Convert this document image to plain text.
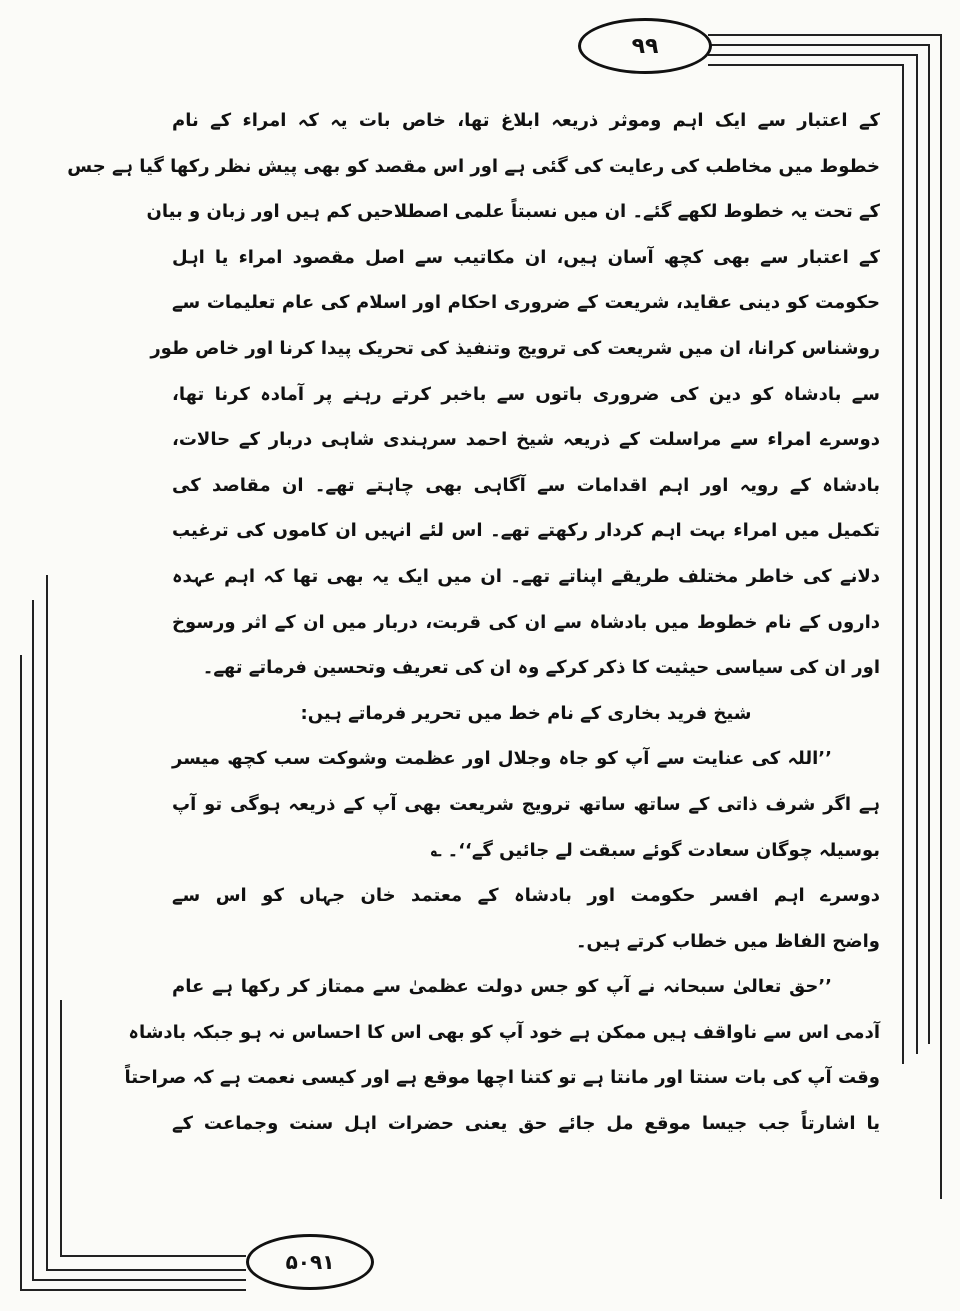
۹۹
۵۰۹۱
کے اعتبار سے ایک اہم وموثر ذریعہ ابلاغ تھا، خاص بات یہ کہ امراء کے نام
خطوط میں مخاطب کی رعایت کی گئی ہے اور اس مقصد کو بھی پیش نظر رکھا گیا ہے جس
کے تحت یہ خطوط لکھے گئے۔ ان میں نسبتاً علمی اصطلاحیں کم ہیں اور زبان و بیان
کے اعتبار سے بھی کچھ آسان ہیں، ان مکاتیب سے اصل مقصود امراء یا اہل
حکومت کو دینی عقاید، شریعت کے ضروری احکام اور اسلام کی عام تعلیمات سے
روشناس کرانا، ان میں شریعت کی ترویج وتنفیذ کی تحریک پیدا کرنا اور خاص طور
سے بادشاہ کو دین کی ضروری باتوں سے باخبر کرتے رہنے پر آمادہ کرنا تھا،
دوسرے امراء سے مراسلت کے ذریعہ شیخ احمد سرہندی شاہی دربار کے حالات،
بادشاہ کے رویہ اور اہم اقدامات سے آگاہی بھی چاہتے تھے۔ ان مقاصد کی
تکمیل میں امراء بہت اہم کردار رکھتے تھے۔ اس لئے انہیں ان کاموں کی ترغیب
دلانے کی خاطر مختلف طریقے اپناتے تھے۔ ان میں ایک یہ بھی تھا کہ اہم عہدہ
داروں کے نام خطوط میں بادشاہ سے ان کی قربت، دربار میں ان کے اثر ورسوخ
اور ان کی سیاسی حیثیت کا ذکر کرکے وہ ان کی تعریف وتحسین فرماتے تھے۔
شیخ فرید بخاری کے نام خط میں تحریر فرماتے ہیں:
’’اللہ کی عنایت سے آپ کو جاہ وجلال اور عظمت وشوکت سب کچھ میسر
ہے اگر شرف ذاتی کے ساتھ ساتھ ترویج شریعت بھی آپ کے ذریعہ ہوگی تو آپ
بوسیلہ چوگان سعادت گوئے سبقت لے جائیں گے‘‘۔ ؎
دوسرے اہم افسر حکومت اور بادشاہ کے معتمد خان جہاں کو اس سے
واضح الفاظ میں خطاب کرتے ہیں۔
’’حق تعالیٰ سبحانہ نے آپ کو جس دولت عظمیٰ سے ممتاز کر رکھا ہے عام
آدمی اس سے ناواقف ہیں ممکن ہے خود آپ کو بھی اس کا احساس نہ ہو جبکہ بادشاہ
وقت آپ کی بات سنتا اور مانتا ہے تو کتنا اچھا موقع ہے اور کیسی نعمت ہے کہ صراحتاً
یا اشارتاً جب جیسا موقع مل جائے حق یعنی حضرات اہل سنت وجماعت کے
